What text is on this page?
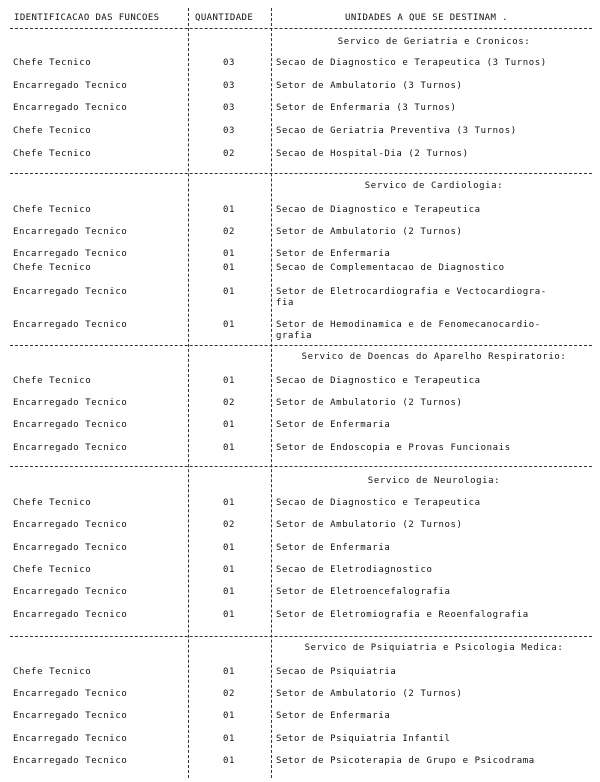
IDENTIFICACAO DAS FUNCOES	QUANTIDADE	UNIDADES A QUE SE DESTINAM .
Servico de Geriatria e Cronicos:
Chefe Tecnico	03	Secao de Diagnostico e Terapeutica (3 Turnos)
Encarregado Tecnico	03	Setor de Ambulatorio (3 Turnos)
Encarregado Tecnico	03	Setor de Enfermaria (3 Turnos)
Chefe Tecnico	03	Secao de Geriatria Preventiva (3 Turnos)
Chefe Tecnico	02	Secao de Hospital-Dia (2 Turnos)
Servico de Cardiologia:
Chefe Tecnico	01	Secao de Diagnostico e Terapeutica
Encarregado Tecnico	02	Setor de Ambulatorio (2 Turnos)
Encarregado Tecnico	01	Setor de Enfermaria
Chefe Tecnico	01	Secao de Complementacao de Diagnostico
Encarregado Tecnico	01	Setor de Eletrocardiografia e Vectocardiogra-
fia
Encarregado Tecnico	01	Setor de Hemodinamica e de Fenomecanocardio-
grafia
Servico de Doencas do Aparelho Respiratorio:
Chefe Tecnico	01	Secao de Diagnostico e Terapeutica
Encarregado Tecnico	02	Setor de Ambulatorio (2 Turnos)
Encarregado Tecnico	01	Setor de Enfermaria
Encarregado Tecnico	01	Setor de Endoscopia e Provas Funcionais
Servico de Neurologia:
Chefe Tecnico	01	Secao de Diagnostico e Terapeutica
Encarregado Tecnico	02	Setor de Ambulatorio (2 Turnos)
Encarregado Tecnico	01	Setor de Enfermaria
Chefe Tecnico	01	Secao de Eletrodiagnostico
Encarregado Tecnico	01	Setor de Eletroencefalografia
Encarregado Tecnico	01	Setor de Eletromiografia e Reoenfalografia
Servico de Psiquiatria e Psicologia Medica:
Chefe Tecnico	01	Secao de Psiquiatria
Encarregado Tecnico	02	Setor de Ambulatorio (2 Turnos)
Encarregado Tecnico	01	Setor de Enfermaria
Encarregado Tecnico	01	Setor de Psiquiatria Infantil
Encarregado Tecnico	01	Setor de Psicoterapia de Grupo e Psicodrama
